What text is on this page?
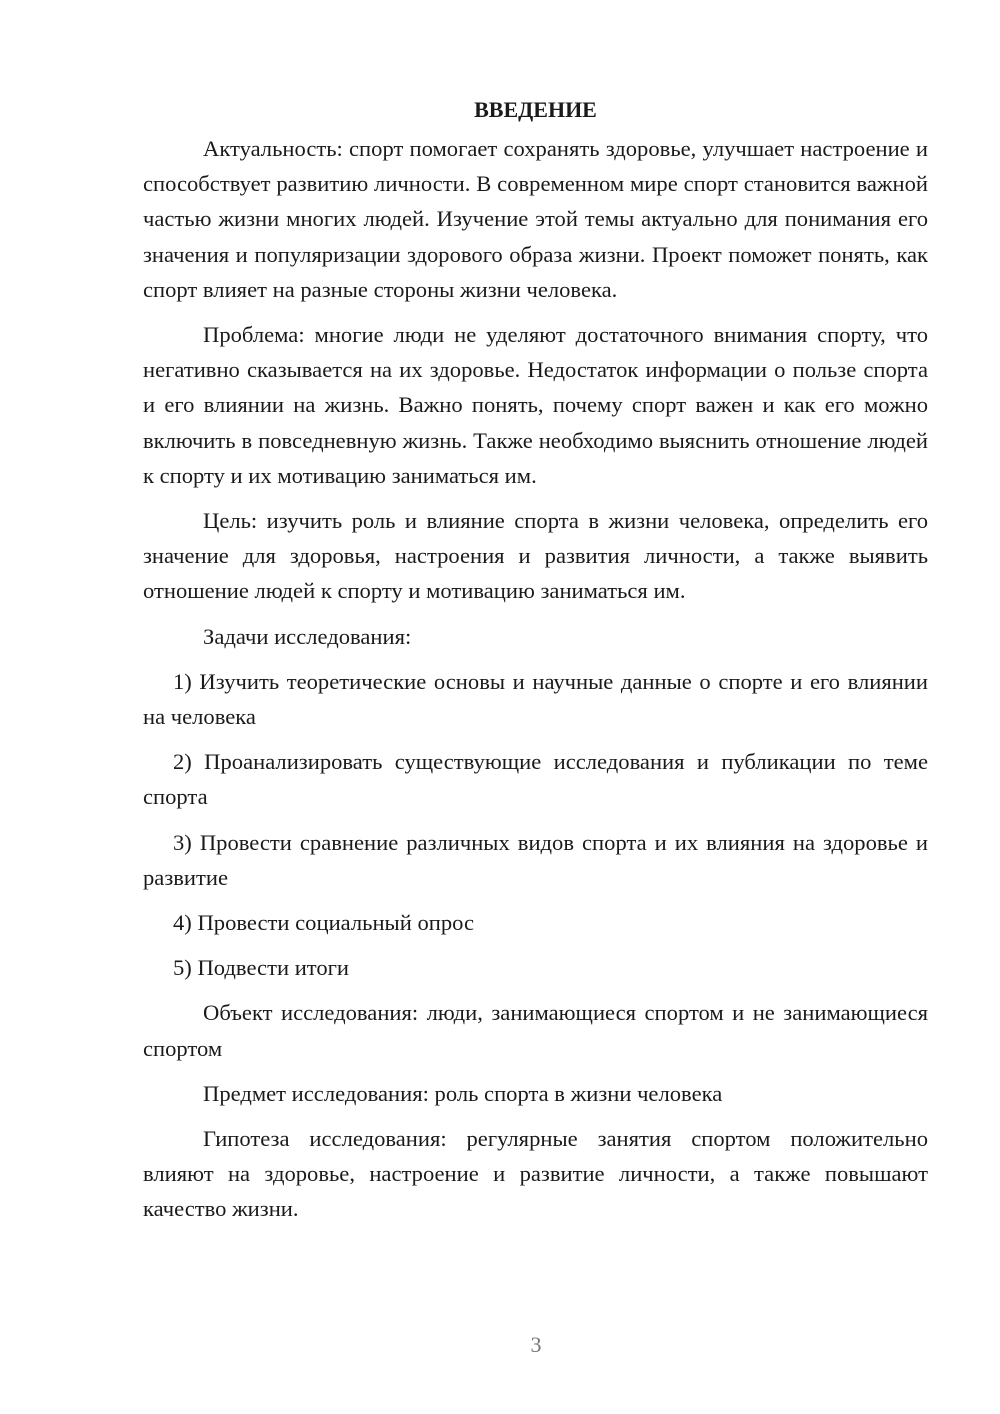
ВВЕДЕНИЕ

Актуальность: спорт помогает сохранять здоровье, улучшает настроение и способствует развитию личности. В современном мире спорт становится важной частью жизни многих людей. Изучение этой темы актуально для понимания его значения и популяризации здорового образа жизни. Проект поможет понять, как спорт влияет на разные стороны жизни человека.

Проблема: многие люди не уделяют достаточного внимания спорту, что негативно сказывается на их здоровье. Недостаток информации о пользе спорта и его влиянии на жизнь. Важно понять, почему спорт важен и как его можно включить в повседневную жизнь. Также необходимо выяснить отношение людей к спорту и их мотивацию заниматься им.

Цель: изучить роль и влияние спорта в жизни человека, определить его значение для здоровья, настроения и развития личности, а также выявить отношение людей к спорту и мотивацию заниматься им.

Задачи исследования:

1) Изучить теоретические основы и научные данные о спорте и его влиянии на человека

2) Проанализировать существующие исследования и публикации по теме спорта

3) Провести сравнение различных видов спорта и их влияния на здоровье и развитие

4) Провести социальный опрос

5) Подвести итоги

Объект исследования: люди, занимающиеся спортом и не занимающиеся спортом

Предмет исследования: роль спорта в жизни человека

Гипотеза исследования: регулярные занятия спортом положительно влияют на здоровье, настроение и развитие личности, а также повышают качество жизни.

3
